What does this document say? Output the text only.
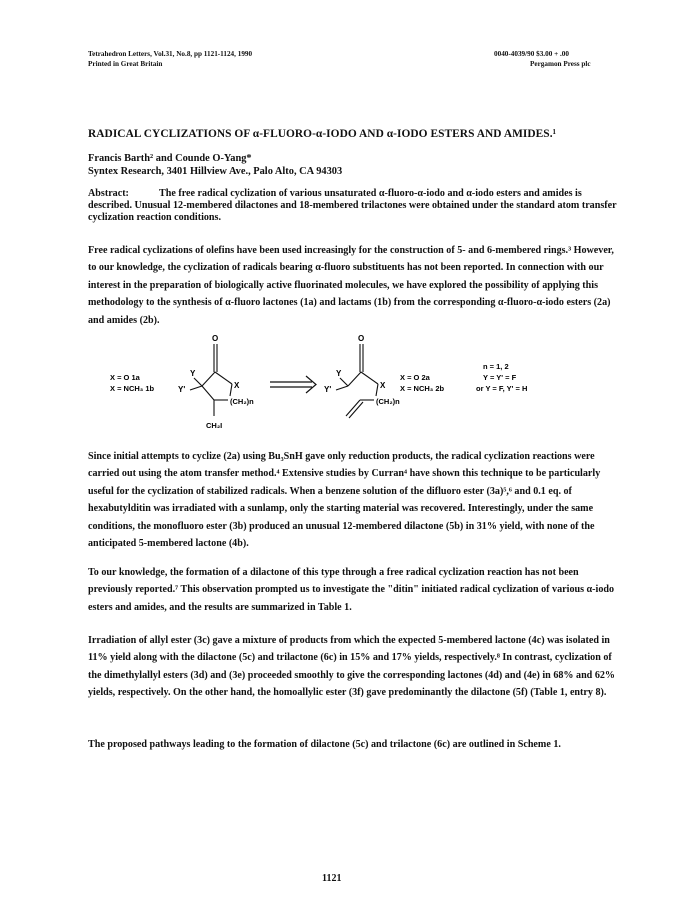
Tetrahedron Letters, Vol.31, No.8, pp 1121-1124, 1990
Printed in Great Britain
0040-4039/90 $3.00 + .00
Pergamon Press plc
RADICAL CYCLIZATIONS OF α-FLUORO-α-IODO AND α-IODO ESTERS AND AMIDES.¹
Francis Barth² and Counde O-Yang*
Syntex Research, 3401 Hillview Ave., Palo Alto, CA 94303
Abstract:	The free radical cyclization of various unsaturated α-fluoro-α-iodo and α-iodo esters and amides is described. Unusual 12-membered dilactones and 18-membered trilactones were obtained under the standard atom transfer cyclization reaction conditions.
Free radical cyclizations of olefins have been used increasingly for the construction of 5- and 6-membered rings.³ However, to our knowledge, the cyclization of radicals bearing α-fluoro substituents has not been reported. In connection with our interest in the preparation of biologically active fluorinated molecules, we have explored the possibility of applying this methodology to the synthesis of α-fluoro lactones (1a) and lactams (1b) from the corresponding α-fluoro-α-iodo esters (2a) and amides (2b).
O
Y
Y'	X
(CH₂)n
CH₂I
X = O 1a
X = NCH₃ 1b
O
Y
Y'	X
(CH₂)n
X = O 2a
X = NCH₃ 2b
n = 1, 2
Y = Y' = F
or Y = F, Y' = H
Since initial attempts to cyclize (2a) using Bu₃SnH gave only reduction products, the radical cyclization reactions were carried out using the atom transfer method.⁴ Extensive studies by Curran⁴ have shown this technique to be particularly useful for the cyclization of stabilized radicals. When a benzene solution of the difluoro ester (3a)⁵,⁶ and 0.1 eq. of hexabutylditin was irradiated with a sunlamp, only the starting material was recovered. Interestingly, under the same conditions, the monofluoro ester (3b) produced an unusual 12-membered dilactone (5b) in 31% yield, with none of the anticipated 5-membered lactone (4b).
To our knowledge, the formation of a dilactone of this type through a free radical cyclization reaction has not been previously reported.⁷ This observation prompted us to investigate the "ditin" initiated radical cyclization of various α-iodo esters and amides, and the results are summarized in Table 1.
Irradiation of allyl ester (3c) gave a mixture of products from which the expected 5-membered lactone (4c) was isolated in 11% yield along with the dilactone (5c) and trilactone (6c) in 15% and 17% yields, respectively.⁸ In contrast, cyclization of the dimethylallyl esters (3d) and (3e) proceeded smoothly to give the corresponding lactones (4d) and (4e) in 68% and 62% yields, respectively. On the other hand, the homoallylic ester (3f) gave predominantly the dilactone (5f) (Table 1, entry 8).
The proposed pathways leading to the formation of dilactone (5c) and trilactone (6c) are outlined in Scheme 1.
1121
